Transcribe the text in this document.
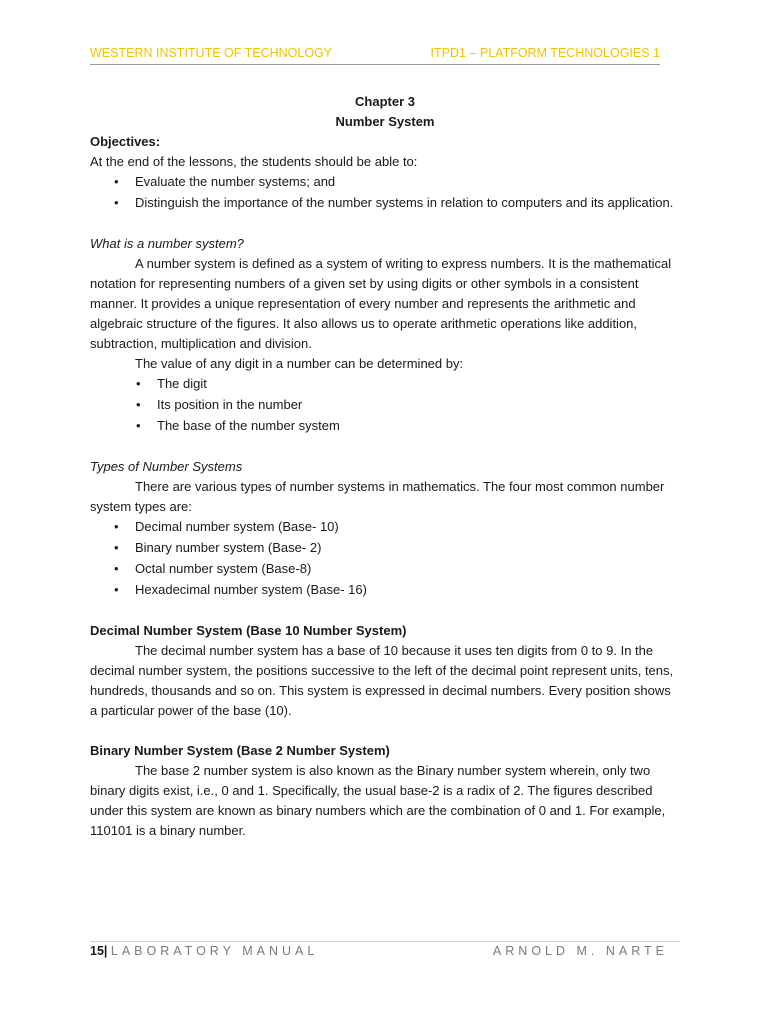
WESTERN INSTITUTE OF TECHNOLOGY	ITPD1 – PLATFORM TECHNOLOGIES 1

Chapter 3

Number System

Objectives:

At the end of the lessons, the students should be able to:

• Evaluate the number systems; and
• Distinguish the importance of the number systems in relation to computers and its application.

What is a number system?

A number system is defined as a system of writing to express numbers. It is the mathematical notation for representing numbers of a given set by using digits or other symbols in a consistent manner. It provides a unique representation of every number and represents the arithmetic and algebraic structure of the figures. It also allows us to operate arithmetic operations like addition, subtraction, multiplication and division.

The value of any digit in a number can be determined by:

• The digit
• Its position in the number
• The base of the number system

Types of Number Systems

There are various types of number systems in mathematics. The four most common number system types are:

• Decimal number system (Base- 10)
• Binary number system (Base- 2)
• Octal number system (Base-8)
• Hexadecimal number system (Base- 16)

Decimal Number System (Base 10 Number System)

The decimal number system has a base of 10 because it uses ten digits from 0 to 9. In the decimal number system, the positions successive to the left of the decimal point represent units, tens, hundreds, thousands and so on. This system is expressed in decimal numbers. Every position shows a particular power of the base (10).

Binary Number System (Base 2 Number System)

The base 2 number system is also known as the Binary number system wherein, only two binary digits exist, i.e., 0 and 1. Specifically, the usual base-2 is a radix of 2. The figures described under this system are known as binary numbers which are the combination of 0 and 1. For example, 110101 is a binary number.

15| LABORATORY MANUAL	ARNOLD M. NARTE
